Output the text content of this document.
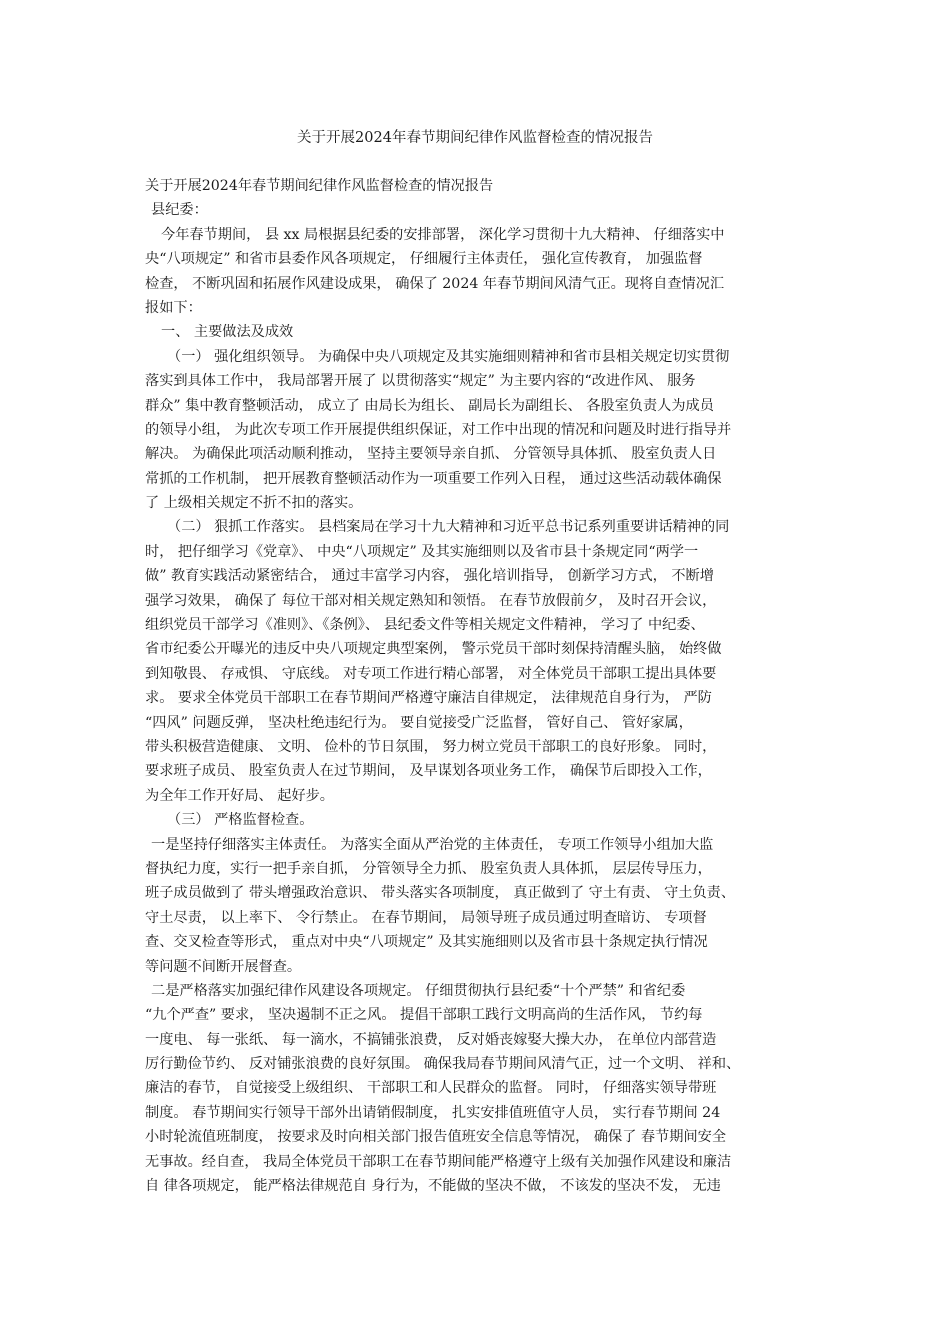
关于开展2024年春节期间纪律作风监督检查的情况报告
关于开展2024年春节期间纪律作风监督检查的情况报告
县纪委：
今年春节期间， 县 xx 局根据县纪委的安排部署， 深化学习贯彻十九大精神、 仔细落实中
央“八项规定” 和省市县委作风各项规定， 仔细履行主体责任， 强化宣传教育， 加强监督
检查， 不断巩固和拓展作风建设成果， 确保了 2024 年春节期间风清气正。现将自查情况汇
报如下：
一、 主要做法及成效
（一） 强化组织领导。 为确保中央八项规定及其实施细则精神和省市县相关规定切实贯彻
落实到具体工作中， 我局部署开展了 以贯彻落实“规定” 为主要内容的“改进作风、 服务
群众” 集中教育整顿活动， 成立了 由局长为组长、 副局长为副组长、 各股室负责人为成员
的领导小组， 为此次专项工作开展提供组织保证，对工作中出现的情况和问题及时进行指导并
解决。 为确保此项活动顺利推动， 坚持主要领导亲自抓、 分管领导具体抓、 股室负责人日
常抓的工作机制， 把开展教育整顿活动作为一项重要工作列入日程， 通过这些活动载体确保
了 上级相关规定不折不扣的落实。
（二） 狠抓工作落实。 县档案局在学习十九大精神和习近平总书记系列重要讲话精神的同
时， 把仔细学习《党章》、 中央“八项规定” 及其实施细则以及省市县十条规定同“两学一
做” 教育实践活动紧密结合， 通过丰富学习内容， 强化培训指导， 创新学习方式， 不断增
强学习效果， 确保了 每位干部对相关规定熟知和领悟。 在春节放假前夕， 及时召开会议，
组织党员干部学习《准则》、《条例》、 县纪委文件等相关规定文件精神， 学习了 中纪委、
省市纪委公开曝光的违反中央八项规定典型案例， 警示党员干部时刻保持清醒头脑， 始终做
到知敬畏、 存戒惧、 守底线。 对专项工作进行精心部署， 对全体党员干部职工提出具体要
求。 要求全体党员干部职工在春节期间严格遵守廉洁自律规定， 法律规范自身行为， 严防
“四风” 问题反弹， 坚决杜绝违纪行为。 要自觉接受广泛监督， 管好自己、 管好家属，
带头积极营造健康、 文明、 俭朴的节日氛围， 努力树立党员干部职工的良好形象。 同时，
要求班子成员、 股室负责人在过节期间， 及早谋划各项业务工作， 确保节后即投入工作，
为全年工作开好局、 起好步。
（三） 严格监督检查。
一是坚持仔细落实主体责任。 为落实全面从严治党的主体责任， 专项工作领导小组加大监
督执纪力度，实行一把手亲自抓， 分管领导全力抓、 股室负责人具体抓， 层层传导压力，
班子成员做到了 带头增强政治意识、 带头落实各项制度， 真正做到了 守土有责、 守土负责、
守土尽责， 以上率下、 令行禁止。 在春节期间， 局领导班子成员通过明查暗访、 专项督
查、交叉检查等形式， 重点对中央“八项规定” 及其实施细则以及省市县十条规定执行情况
等问题不间断开展督查。
二是严格落实加强纪律作风建设各项规定。 仔细贯彻执行县纪委“十个严禁” 和省纪委
“九个严查” 要求， 坚决遏制不正之风。 提倡干部职工践行文明高尚的生活作风， 节约每
一度电、 每一张纸、 每一滴水，不搞铺张浪费， 反对婚丧嫁娶大操大办， 在单位内部营造
厉行勤俭节约、 反对铺张浪费的良好氛围。 确保我局春节期间风清气正，过一个文明、 祥和、
廉洁的春节， 自觉接受上级组织、 干部职工和人民群众的监督。 同时， 仔细落实领导带班
制度。 春节期间实行领导干部外出请销假制度， 扎实安排值班值守人员， 实行春节期间 24
小时轮流值班制度， 按要求及时向相关部门报告值班安全信息等情况， 确保了 春节期间安全
无事故。经自查， 我局全体党员干部职工在春节期间能严格遵守上级有关加强作风建设和廉洁
自 律各项规定， 能严格法律规范自 身行为，不能做的坚决不做， 不该发的坚决不发， 无违
